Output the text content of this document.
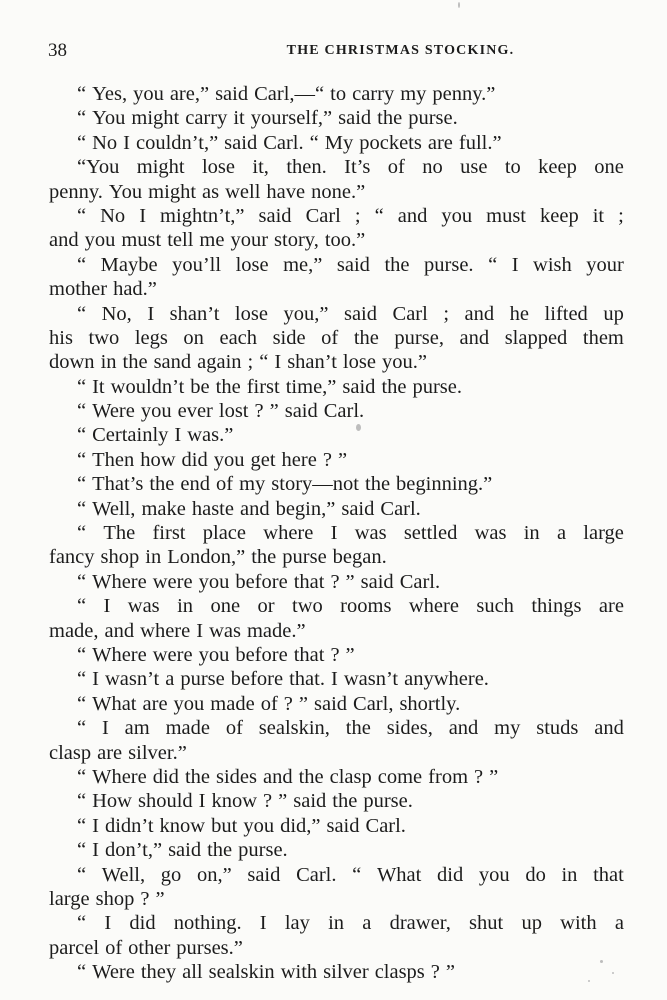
38	THE CHRISTMAS STOCKING.
“ Yes, you are,” said Carl,—“ to carry my penny.”
“ You might carry it yourself,” said the purse.
“ No I couldn’t,” said Carl. “ My pockets are full.”
“You might lose it, then. It’s of no use to keep one
penny. You might as well have none.”
“ No I mightn’t,” said Carl ; “ and you must keep it ;
and you must tell me your story, too.”
“ Maybe you’ll lose me,” said the purse. “ I wish your
mother had.”
“ No, I shan’t lose you,” said Carl ; and he lifted up
his two legs on each side of the purse, and slapped them
down in the sand again ; “ I shan’t lose you.”
“ It wouldn’t be the first time,” said the purse.
“ Were you ever lost ? ” said Carl.
“ Certainly I was.”
“ Then how did you get here ? ”
“ That’s the end of my story—not the beginning.”
“ Well, make haste and begin,” said Carl.
“ The first place where I was settled was in a large
fancy shop in London,” the purse began.
“ Where were you before that ? ” said Carl.
“ I was in one or two rooms where such things are
made, and where I was made.”
“ Where were you before that ? ”
“ I wasn’t a purse before that. I wasn’t anywhere.
“ What are you made of ? ” said Carl, shortly.
“ I am made of sealskin, the sides, and my studs and
clasp are silver.”
“ Where did the sides and the clasp come from ? ”
“ How should I know ? ” said the purse.
“ I didn’t know but you did,” said Carl.
“ I don’t,” said the purse.
“ Well, go on,” said Carl. “ What did you do in that
large shop ? ”
“ I did nothing. I lay in a drawer, shut up with a
parcel of other purses.”
“ Were they all sealskin with silver clasps ? ”
